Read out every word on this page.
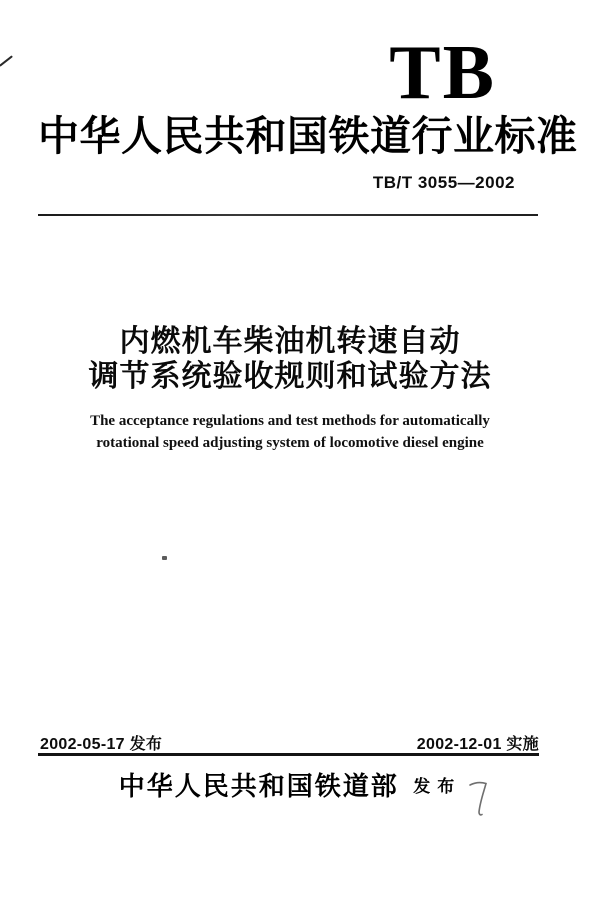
TB
中华人民共和国铁道行业标准
TB/T 3055—2002
内燃机车柴油机转速自动
调节系统验收规则和试验方法
The acceptance regulations and test methods for automatically
rotational speed adjusting system of locomotive diesel engine
2002-05-17 发布	2002-12-01 实施
中华人民共和国铁道部 发布
